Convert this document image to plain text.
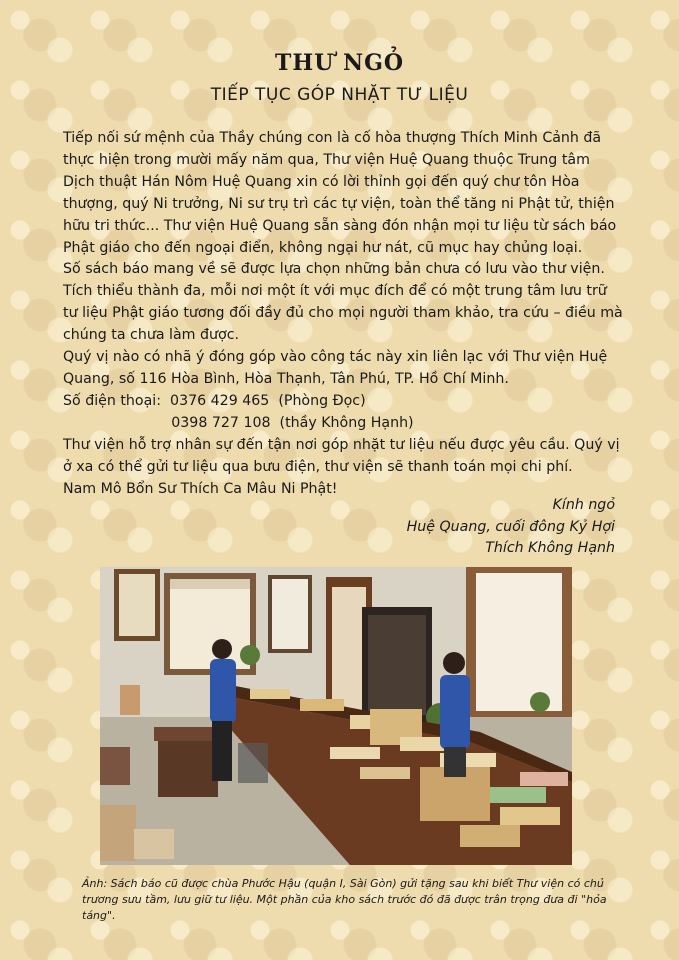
THƯ NGỎ
TIẾP TỤC GÓP NHẶT TƯ LIỆU

Tiếp nối sứ mệnh của Thầy chúng con là cố hòa thượng Thích Minh Cảnh đã thực hiện trong mười mấy năm qua, Thư viện Huệ Quang thuộc Trung tâm Dịch thuật Hán Nôm Huệ Quang xin có lời thỉnh gọi đến quý chư tôn Hòa thượng, quý Ni trưởng, Ni sư trụ trì các tự viện, toàn thể tăng ni Phật tử, thiện hữu tri thức... Thư viện Huệ Quang sẵn sàng đón nhận mọi tư liệu từ sách báo Phật giáo cho đến ngoại điển, không ngại hư nát, cũ mục hay chủng loại.

Số sách báo mang về sẽ được lựa chọn những bản chưa có lưu vào thư viện. Tích thiểu thành đa, mỗi nơi một ít với mục đích để có một trung tâm lưu trữ tư liệu Phật giáo tương đối đầy đủ cho mọi người tham khảo, tra cứu – điều mà chúng ta chưa làm được.

Quý vị nào có nhã ý đóng góp vào công tác này xin liên lạc với Thư viện Huệ Quang, số 116 Hòa Bình, Hòa Thạnh, Tân Phú, TP. Hồ Chí Minh.

Số điện thoại:  0376 429 465  (Phòng Đọc)

0398 727 108  (thầy Không Hạnh)

Thư viện hỗ trợ nhân sự đến tận nơi góp nhặt tư liệu nếu được yêu cầu. Quý vị ở xa có thể gửi tư liệu qua bưu điện, thư viện sẽ thanh toán mọi chi phí.

Nam Mô Bổn Sư Thích Ca Mâu Ni Phật!

Kính ngỏ
Huệ Quang, cuối đông Kỷ Hợi
Thích Không Hạnh
Ảnh: Sách báo cũ được chùa Phước Hậu (quận I, Sài Gòn) gửi tặng sau khi biết Thư viện có chủ trương sưu tầm, lưu giữ tư liệu. Một phần của kho sách trước đó đã được trân trọng đưa đi "hỏa táng".
